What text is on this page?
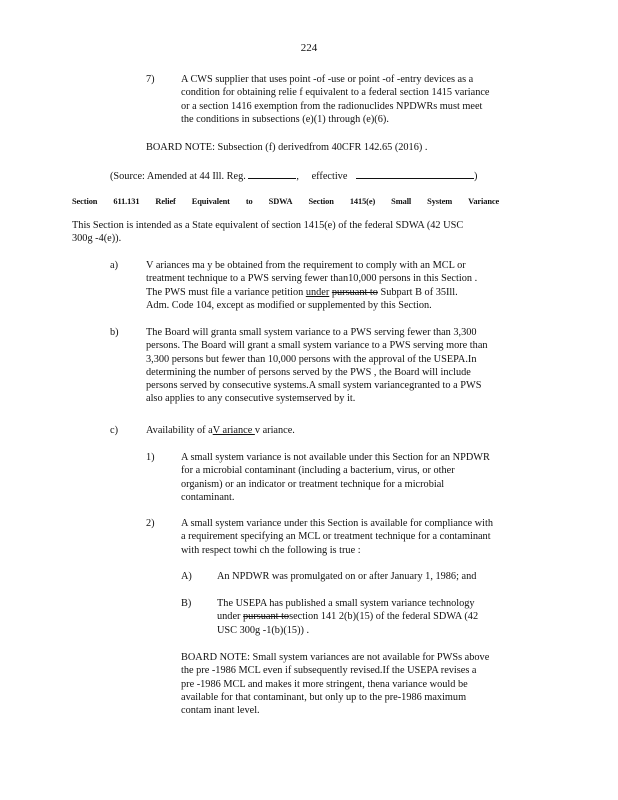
224
7)	A CWS supplier that uses point -of -use or point -of -entry devices as a
condition for obtaining relie f equivalent to a federal section 1415 variance
or a section 1416 exemption from the radionuclides NPDWRs must meet
the conditions in subsections (e)(1) through (e)(6).
BOARD NOTE: Subsection (f) derivedfrom 40CFR 142.65 (2016) .
(Source: Amended at 44 Ill. Reg.	, effective	)
Section 611.131 Relief Equivalent to SDWA Section 1415(e) Small System Variance
This Section is intended as a State equivalent of section 1415(e) of the federal SDWA (42 USC
300g -4(e)).
a)	V ariances ma y be obtained from the requirement to comply with an MCL or
treatment technique to a PWS serving fewer than10,000 persons in this Section .
The PWS must file a variance petition under pursuant to Subpart B of 35Ill.
Adm. Code 104, except as modified or supplemented by this Section.
b)	The Board will granta small system variance to a PWS serving fewer than 3,300
persons. The Board will grant a small system variance to a PWS serving more than
3,300 persons but fewer than 10,000 persons with the approval of the USEPA.In
determining the number of persons served by the PWS , the Board will include
persons served by consecutive systems.A small system variancegranted to a PWS
also applies to any consecutive systemserved by it.
c)	Availability of aV ariance v ariance.
1)	A small system variance is not available under this Section for an NPDWR
for a microbial contaminant (including a bacterium, virus, or other
organism) or an indicator or treatment technique for a microbial
contaminant.
2)	A small system variance under this Section is available for compliance with
a requirement specifying an MCL or treatment technique for a contaminant
with respect towhi ch the following is true :
A)	An NPDWR was promulgated on or after January 1, 1986; and
B)	The USEPA has published a small system variance technology
under pursuant tosection 141 2(b)(15) of the federal SDWA (42
USC 300g -1(b)(15)) .
BOARD NOTE: Small system variances are not available for PWSs above
the pre -1986 MCL even if subsequently revised.If the USEPA revises a
pre -1986 MCL and makes it more stringent, thena variance would be
available for that contaminant, but only up to the pre-1986 maximum
contam inant level.
